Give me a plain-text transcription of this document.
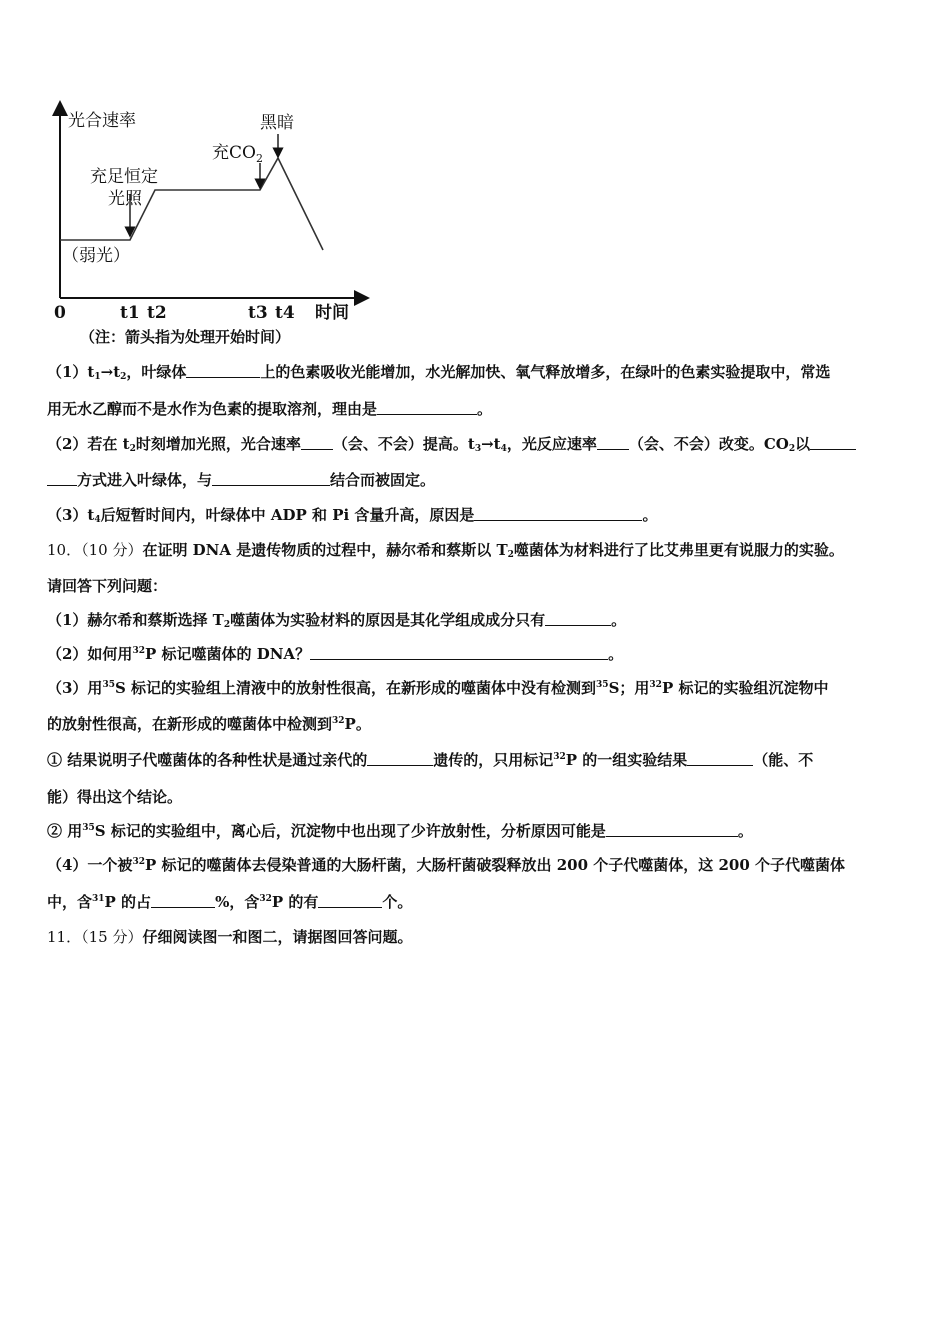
光合速率
（弱光）
充足恒定
光照
充$CO_2$
黑暗
0	t1 t2	t3 t4 时间
（注：箭头指为处理开始时间）
$(1)t_1\to t_2$，叶绿体	上的色素吸收光能增加，水光解加快、氧气释放增多，在绿叶的色素实验提取中，常选
用无水乙醇而不是水作为色素的提取溶剂，理由是	。
（2）若在 $t_2$时刻增加光照，光合速率 （会、不会）提高。$t_3\to t_4$，光反应速率 （会、不会）改变。$CO_2$以
方式进入叶绿体，与	结合而被固定。
$(3)t_4$后短暂时间内，叶绿体中 ADP 和 Pi 含量升高，原因是	。
10．（10 分）在证明 DNA 是遗传物质的过程中，赫尔希和蔡斯以 $T_2$噬菌体为材料进行了比艾弗里更有说服力的实验。
请回答下列问题：
（1）赫尔希和蔡斯选择 $T_2$噬菌体为实验材料的原因是其化学组成成分只有	。
（2）如何用$^{32}$P 标记噬菌体的 DNA？	。
（3）用$^{35}$S 标记的实验组上清液中的放射性很高，在新形成的噬菌体中没有检测到$^{35}$S；用$^{32}$P 标记的实验组沉淀物中
的放射性很高，在新形成的噬菌体中检测到$^{32}$P。
① 结果说明子代噬菌体的各种性状是通过亲代的	遗传的，只用标记$^{32}$P 的一组实验结果	（能、不
能）得出这个结论。
② 用$^{35}$S 标记的实验组中，离心后，沉淀物中也出现了少许放射性，分析原因可能是	。
（4）一个被$^{32}$P 标记的噬菌体去侵染普通的大肠杆菌，大肠杆菌破裂释放出 200 个子代噬菌体，这 200 个子代噬菌体
中，含$^{31}$P 的占	%，含$^{32}$P 的有	个。
11．（15 分）仔细阅读图一和图二，请据图回答问题。
